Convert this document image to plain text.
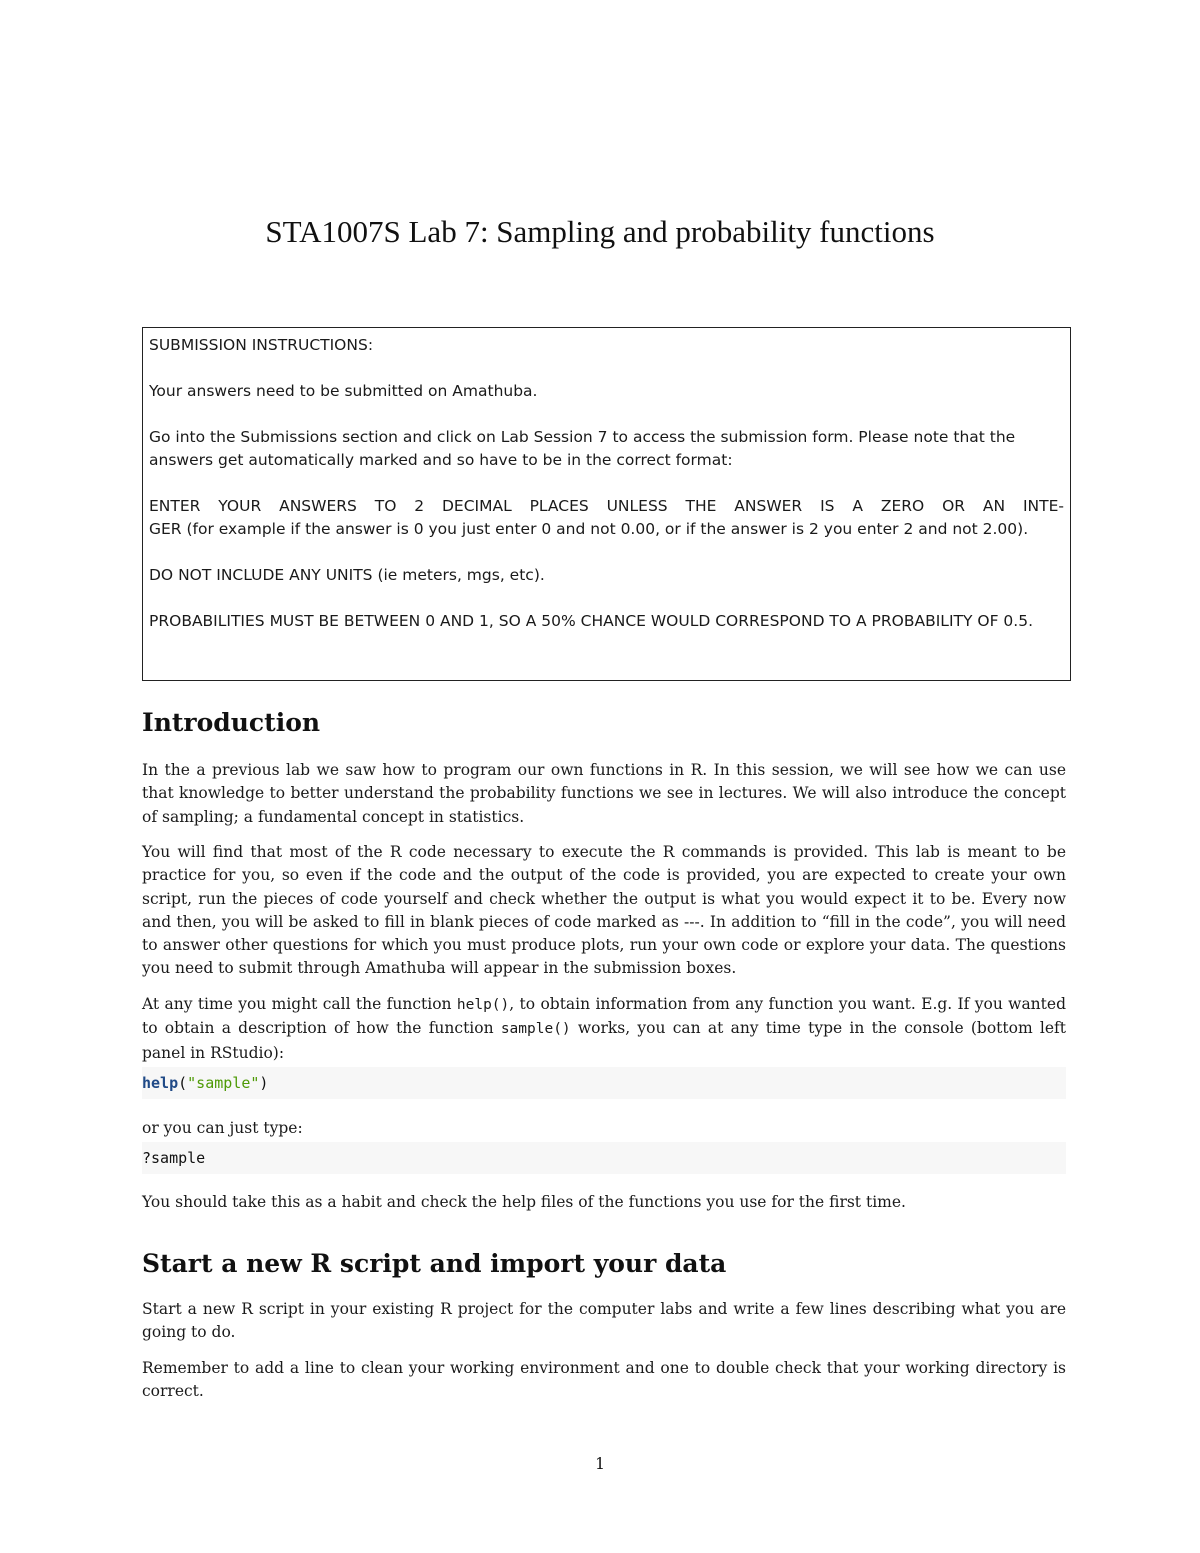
STA1007S Lab 7: Sampling and probability functions

SUBMISSION INSTRUCTIONS:

Your answers need to be submitted on Amathuba.

Go into the Submissions section and click on Lab Session 7 to access the submission form. Please note that the answers get automatically marked and so have to be in the correct format:

ENTER YOUR ANSWERS TO 2 DECIMAL PLACES UNLESS THE ANSWER IS A ZERO OR AN INTE-
GER (for example if the answer is 0 you just enter 0 and not 0.00, or if the answer is 2 you enter 2 and not 2.00).

DO NOT INCLUDE ANY UNITS (ie meters, mgs, etc).

PROBABILITIES MUST BE BETWEEN 0 AND 1, SO A 50% CHANCE WOULD CORRESPOND TO A PROBABILITY OF 0.5.

Introduction

In the a previous lab we saw how to program our own functions in R. In this session, we will see how we can use that knowledge to better understand the probability functions we see in lectures. We will also introduce the concept of sampling; a fundamental concept in statistics.

You will find that most of the R code necessary to execute the R commands is provided. This lab is meant to be practice for you, so even if the code and the output of the code is provided, you are expected to create your own script, run the pieces of code yourself and check whether the output is what you would expect it to be. Every now and then, you will be asked to fill in blank pieces of code marked as ---. In addition to “fill in the code”, you will need to answer other questions for which you must produce plots, run your own code or explore your data. The questions you need to submit through Amathuba will appear in the submission boxes.

At any time you might call the function help(), to obtain information from any function you want. E.g. If you wanted to obtain a description of how the function sample() works, you can at any time type in the console (bottom left panel in RStudio):

help("sample")

or you can just type:

?sample

You should take this as a habit and check the help files of the functions you use for the first time.

Start a new R script and import your data

Start a new R script in your existing R project for the computer labs and write a few lines describing what you are going to do.

Remember to add a line to clean your working environment and one to double check that your working directory is correct.

1
